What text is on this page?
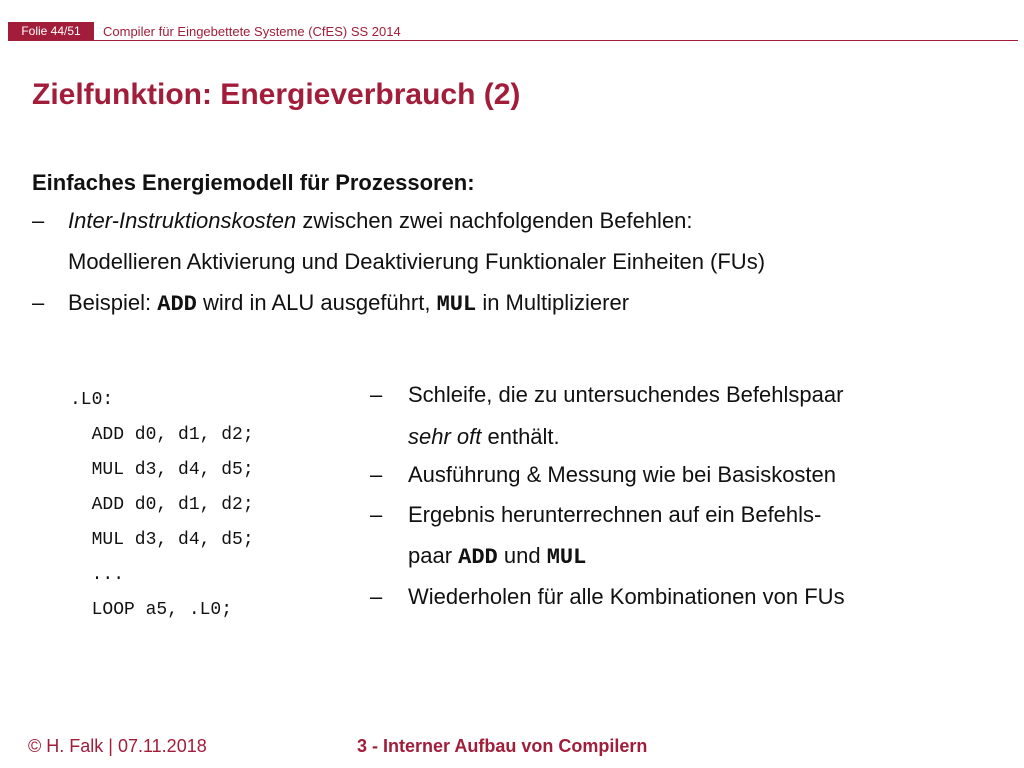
Folie 44/51	Compiler für Eingebettete Systeme (CfES) SS 2014
Zielfunktion: Energieverbrauch (2)
Einfaches Energiemodell für Prozessoren:
– Inter-Instruktionskosten zwischen zwei nachfolgenden Befehlen:
Modellieren Aktivierung und Deaktivierung Funktionaler Einheiten (FUs)
– Beispiel: ADD wird in ALU ausgeführt, MUL in Multiplizierer
.L0:
ADD d0, d1, d2;
MUL d3, d4, d5;
ADD d0, d1, d2;
MUL d3, d4, d5;
...
LOOP a5, .L0;
– Schleife, die zu untersuchendes Befehlspaar
sehr oft enthält.
– Ausführung & Messung wie bei Basiskosten
– Ergebnis herunterrechnen auf ein Befehls-
paar ADD und MUL
– Wiederholen für alle Kombinationen von FUs
© H. Falk | 07.11.2018	3 - Interner Aufbau von Compilern
